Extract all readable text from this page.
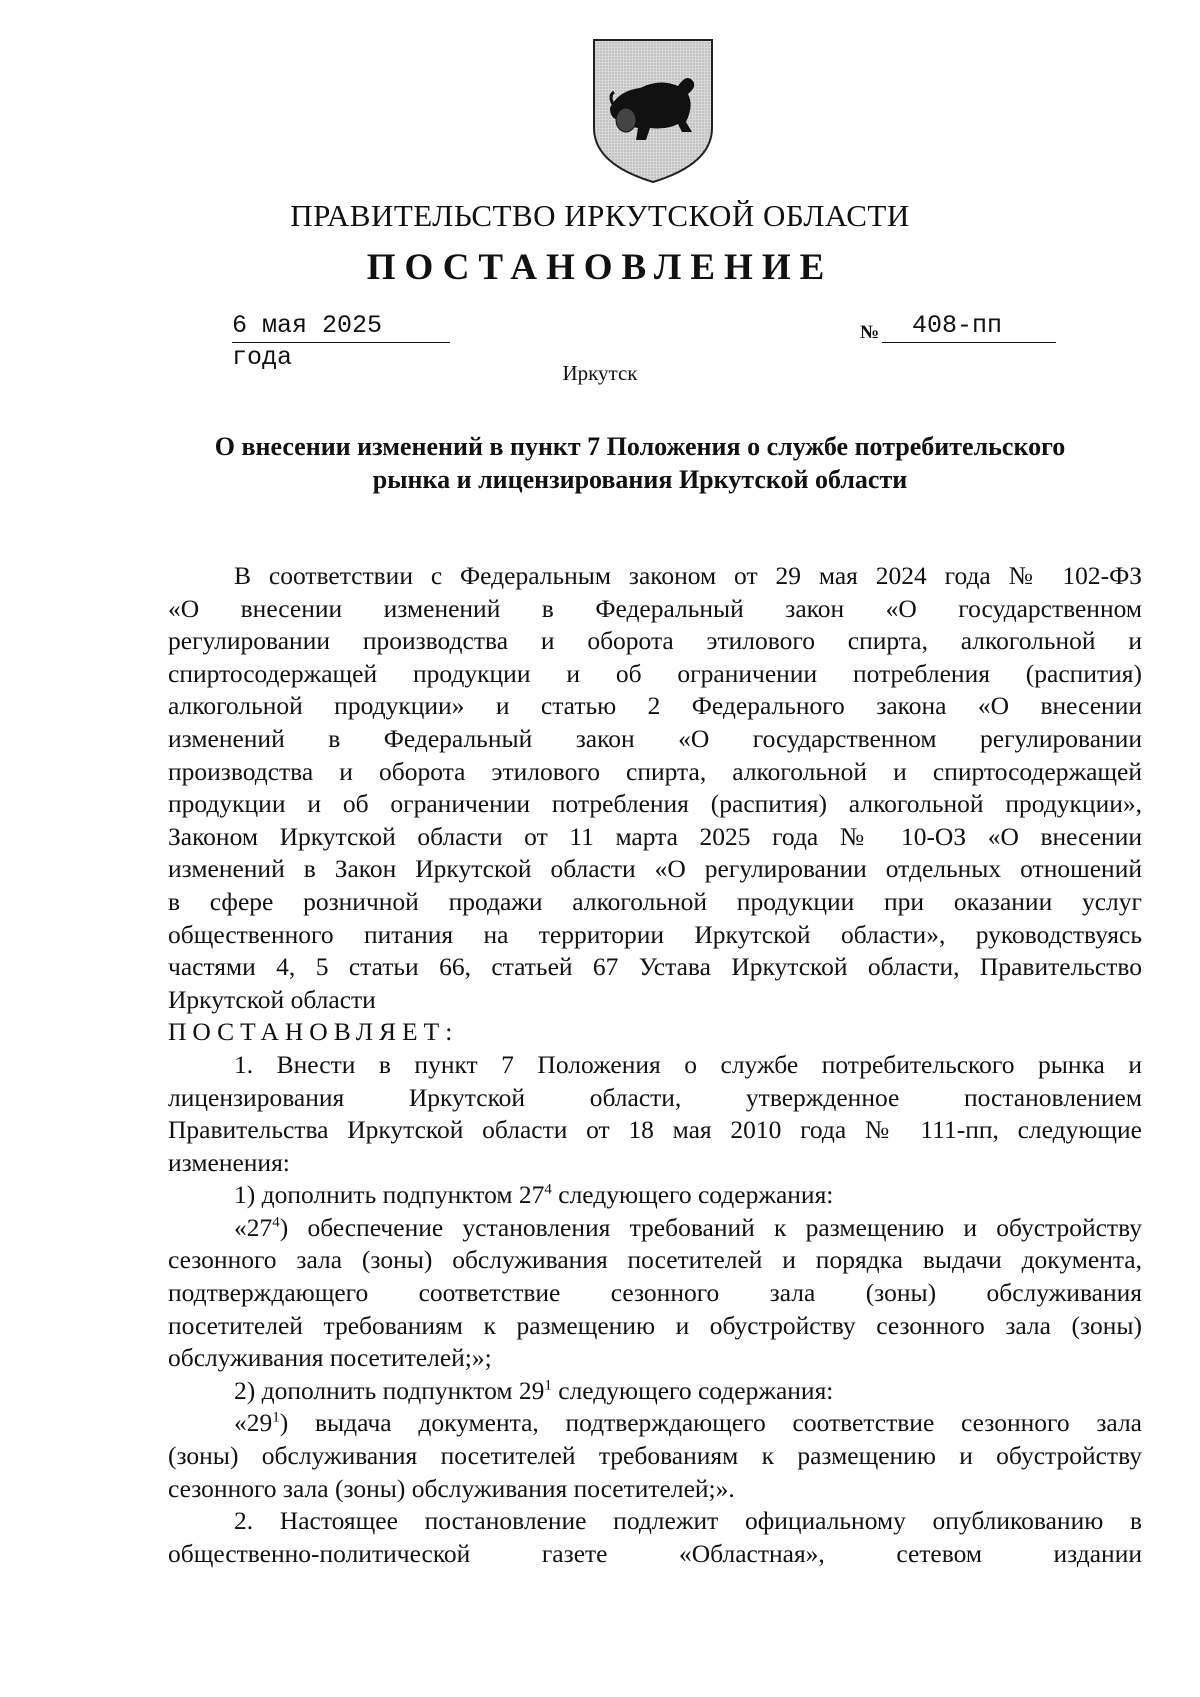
ПРАВИТЕЛЬСТВО ИРКУТСКОЙ ОБЛАСТИ
ПОСТАНОВЛЕНИЕ
6 мая 2025 года
№	408-пп
Иркутск
О внесении изменений в пункт 7 Положения о службе потребительского
рынка и лицензирования Иркутской области

В соответствии с Федеральным законом от 29 мая 2024 года № 102-ФЗ
«О внесении изменений в Федеральный закон «О государственном
регулировании производства и оборота этилового спирта, алкогольной и
спиртосодержащей продукции и об ограничении потребления (распития)
алкогольной продукции» и статью 2 Федерального закона «О внесении
изменений в Федеральный закон «О государственном регулировании
производства и оборота этилового спирта, алкогольной и спиртосодержащей
продукции и об ограничении потребления (распития) алкогольной продукции»,
Законом Иркутской области от 11 марта 2025 года № 10-ОЗ «О внесении
изменений в Закон Иркутской области «О регулировании отдельных отношений
в сфере розничной продажи алкогольной продукции при оказании услуг
общественного питания на территории Иркутской области», руководствуясь
частями 4, 5 статьи 66, статьей 67 Устава Иркутской области, Правительство
Иркутской области

ПОСТАНОВЛЯЕТ:

1. Внести в пункт 7 Положения о службе потребительского рынка и
лицензирования Иркутской области, утвержденное постановлением
Правительства Иркутской области от 18 мая 2010 года № 111-пп, следующие
изменения:

1) дополнить подпунктом $27^4$ следующего содержания:

«$27^4$) обеспечение установления требований к размещению и обустройству
сезонного зала (зоны) обслуживания посетителей и порядка выдачи документа,
подтверждающего соответствие сезонного зала (зоны) обслуживания
посетителей требованиям к размещению и обустройству сезонного зала (зоны)
обслуживания посетителей;»;

2) дополнить подпунктом $29^1$ следующего содержания:

«$29^1$) выдача документа, подтверждающего соответствие сезонного зала
(зоны) обслуживания посетителей требованиям к размещению и обустройству
сезонного зала (зоны) обслуживания посетителей;».

2. Настоящее постановление подлежит официальному опубликованию в
общественно-политической газете «Областная», сетевом издании
